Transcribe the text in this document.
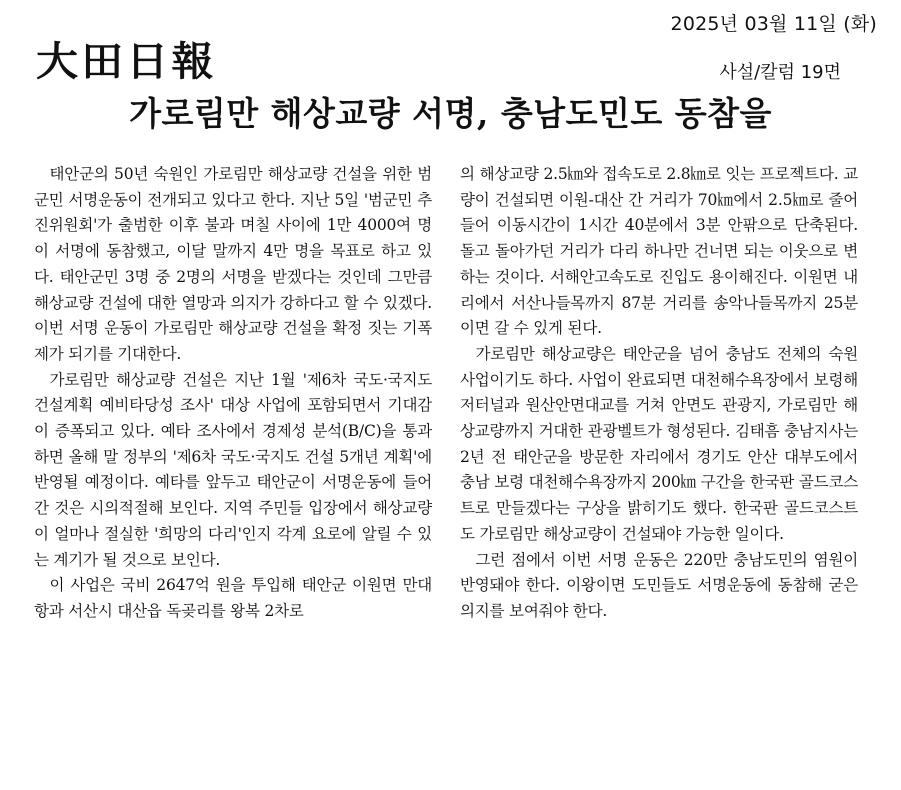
2025년 03월 11일 (화)
大田日報	사설/칼럼 19면
가로림만 해상교량 서명, 충남도민도 동참을

태안군의 50년 숙원인 가로림만 해상교량 건설을 위한 범군민 서명운동이 전개되고 있다고 한다. 지난 5일 '범군민 추진위원회'가 출범한 이후 불과 며칠 사이에 1만 4000여 명이 서명에 동참했고, 이달 말까지 4만 명을 목표로 하고 있다. 태안군민 3명 중 2명의 서명을 받겠다는 것인데 그만큼 해상교량 건설에 대한 열망과 의지가 강하다고 할 수 있겠다. 이번 서명 운동이 가로림만 해상교량 건설을 확정 짓는 기폭제가 되기를 기대한다.

가로림만 해상교량 건설은 지난 1월 '제6차 국도·국지도 건설계획 예비타당성 조사' 대상 사업에 포함되면서 기대감이 증폭되고 있다. 예타 조사에서 경제성 분석(B/C)을 통과하면 올해 말 정부의 '제6차 국도·국지도 건설 5개년 계획'에 반영될 예정이다. 예타를 앞두고 태안군이 서명운동에 들어간 것은 시의적절해 보인다. 지역 주민들 입장에서 해상교량이 얼마나 절실한 '희망의 다리'인지 각계 요로에 알릴 수 있는 계기가 될 것으로 보인다.

이 사업은 국비 2647억 원을 투입해 태안군 이원면 만대항과 서산시 대산읍 독곶리를 왕복 2차로

의 해상교량 2.5㎞와 접속도로 2.8㎞로 잇는 프로젝트다. 교량이 건설되면 이원-대산 간 거리가 70㎞에서 2.5㎞로 줄어들어 이동시간이 1시간 40분에서 3분 안팎으로 단축된다. 돌고 돌아가던 거리가 다리 하나만 건너면 되는 이웃으로 변하는 것이다. 서해안고속도로 진입도 용이해진다. 이원면 내리에서 서산나들목까지 87분 거리를 송악나들목까지 25분이면 갈 수 있게 된다.

가로림만 해상교량은 태안군을 넘어 충남도 전체의 숙원사업이기도 하다. 사업이 완료되면 대천해수욕장에서 보령해저터널과 원산안면대교를 거쳐 안면도 관광지, 가로림만 해상교량까지 거대한 관광벨트가 형성된다. 김태흠 충남지사는 2년 전 태안군을 방문한 자리에서 경기도 안산 대부도에서 충남 보령 대천해수욕장까지 200㎞ 구간을 한국판 골드코스트로 만들겠다는 구상을 밝히기도 했다. 한국판 골드코스트도 가로림만 해상교량이 건설돼야 가능한 일이다.

그런 점에서 이번 서명 운동은 220만 충남도민의 염원이 반영돼야 한다. 이왕이면 도민들도 서명운동에 동참해 굳은 의지를 보여줘야 한다.
